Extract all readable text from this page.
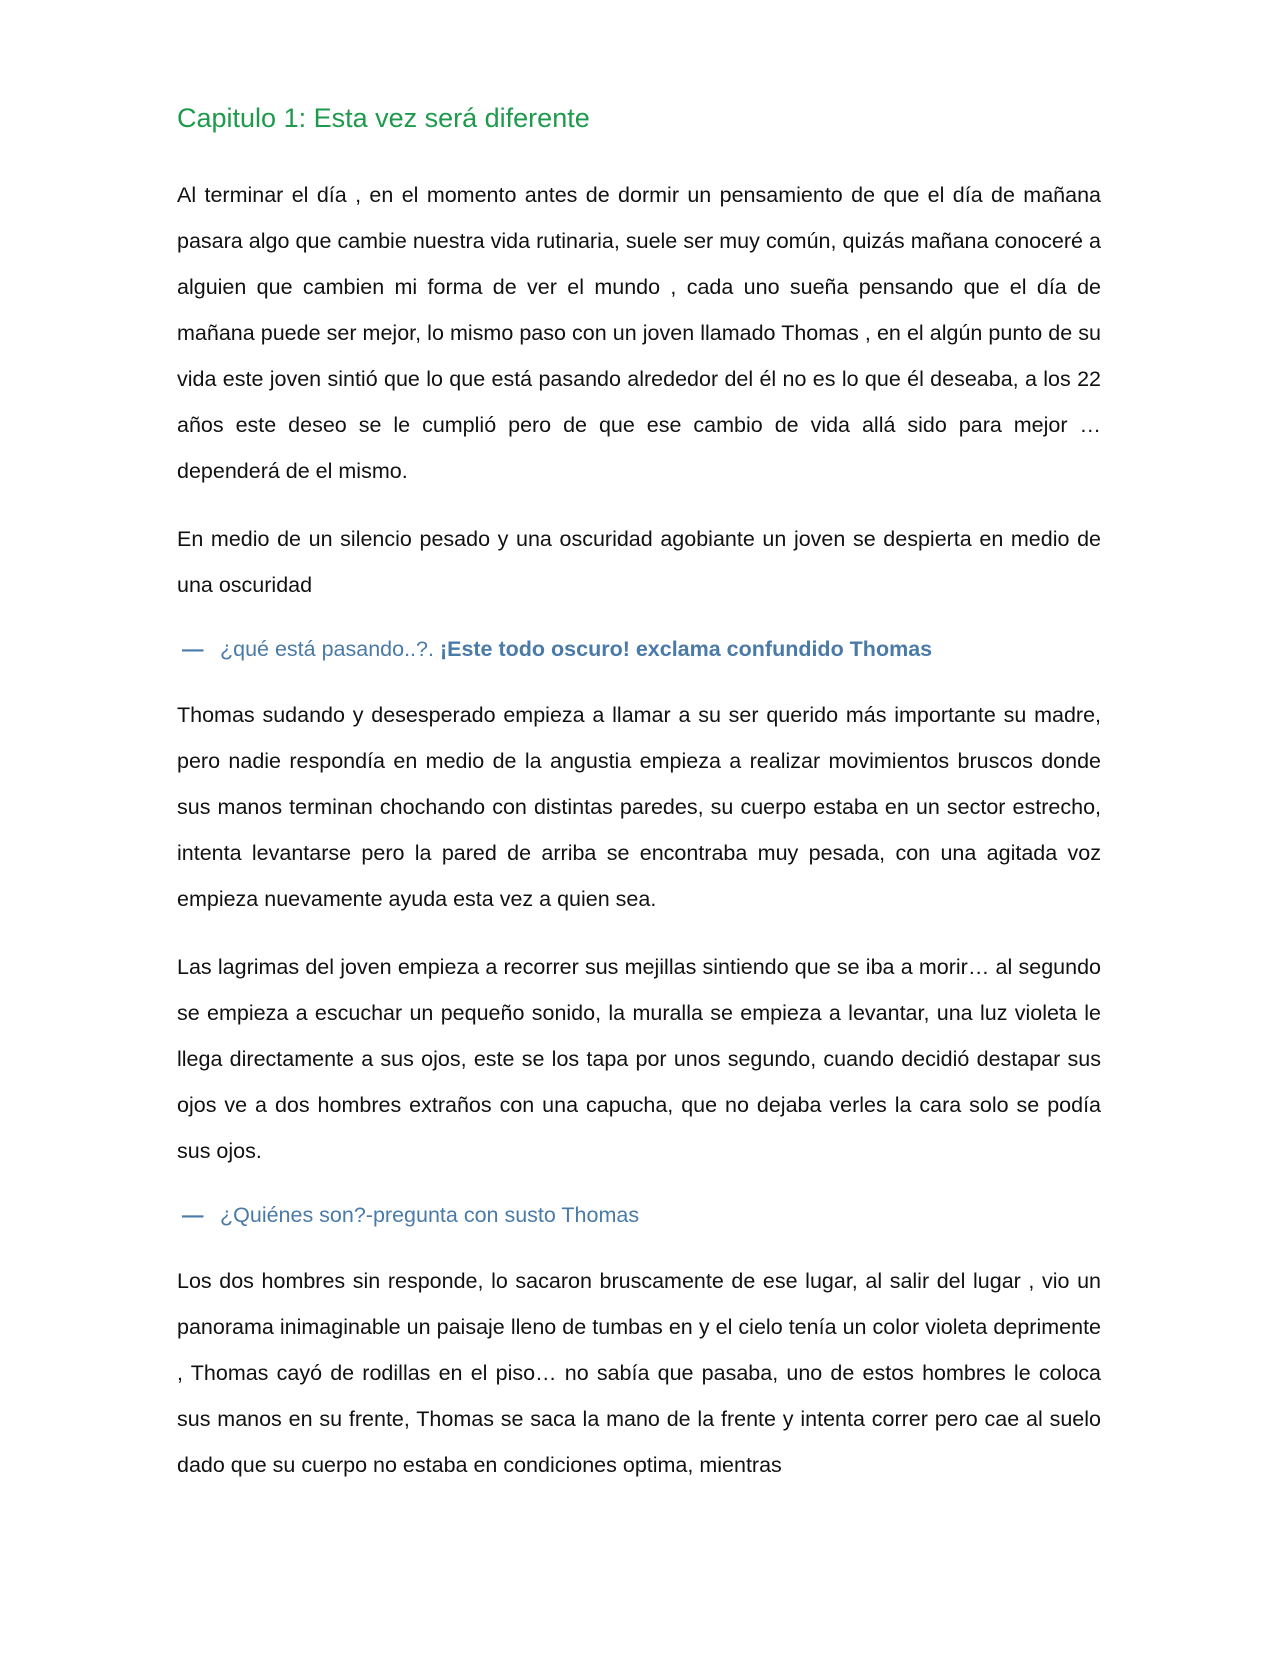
Capitulo 1: Esta vez será diferente

Al terminar el día , en el momento antes de dormir un pensamiento de que el día de mañana pasara algo que cambie nuestra vida rutinaria, suele ser muy común, quizás mañana conoceré a alguien que cambien mi forma de ver el mundo , cada uno sueña pensando que el día de mañana puede ser mejor, lo mismo paso con un joven llamado Thomas , en el algún punto de su vida este joven sintió que lo que está pasando alrededor del él no es lo que él deseaba, a los 22 años este deseo se le cumplió pero de que ese cambio de vida allá sido para mejor … dependerá de el mismo.

En medio de un silencio pesado y una oscuridad agobiante un joven se despierta en medio de una oscuridad

— ¿qué está pasando..?. ¡Este todo oscuro! exclama confundido Thomas

Thomas sudando y desesperado empieza a llamar a su ser querido más importante su madre, pero nadie respondía en medio de la angustia empieza a realizar movimientos bruscos donde sus manos terminan chochando con distintas paredes, su cuerpo estaba en un sector estrecho, intenta levantarse pero la pared de arriba se encontraba muy pesada, con una agitada voz empieza nuevamente ayuda esta vez a quien sea.

Las lagrimas del joven empieza a recorrer sus mejillas sintiendo que se iba a morir… al segundo se empieza a escuchar un pequeño sonido, la muralla se empieza a levantar, una luz violeta le llega directamente a sus ojos, este se los tapa por unos segundo, cuando decidió destapar sus ojos ve a dos hombres extraños con una capucha, que no dejaba verles la cara solo se podía sus ojos.

— ¿Quiénes son?-pregunta con susto Thomas

Los dos hombres sin responde, lo sacaron bruscamente de ese lugar, al salir del lugar , vio un panorama inimaginable un paisaje lleno de tumbas en y el cielo tenía un color violeta deprimente , Thomas cayó de rodillas en el piso… no sabía que pasaba, uno de estos hombres le coloca sus manos en su frente, Thomas se saca la mano de la frente y intenta correr pero cae al suelo dado que su cuerpo no estaba en condiciones optima, mientras
